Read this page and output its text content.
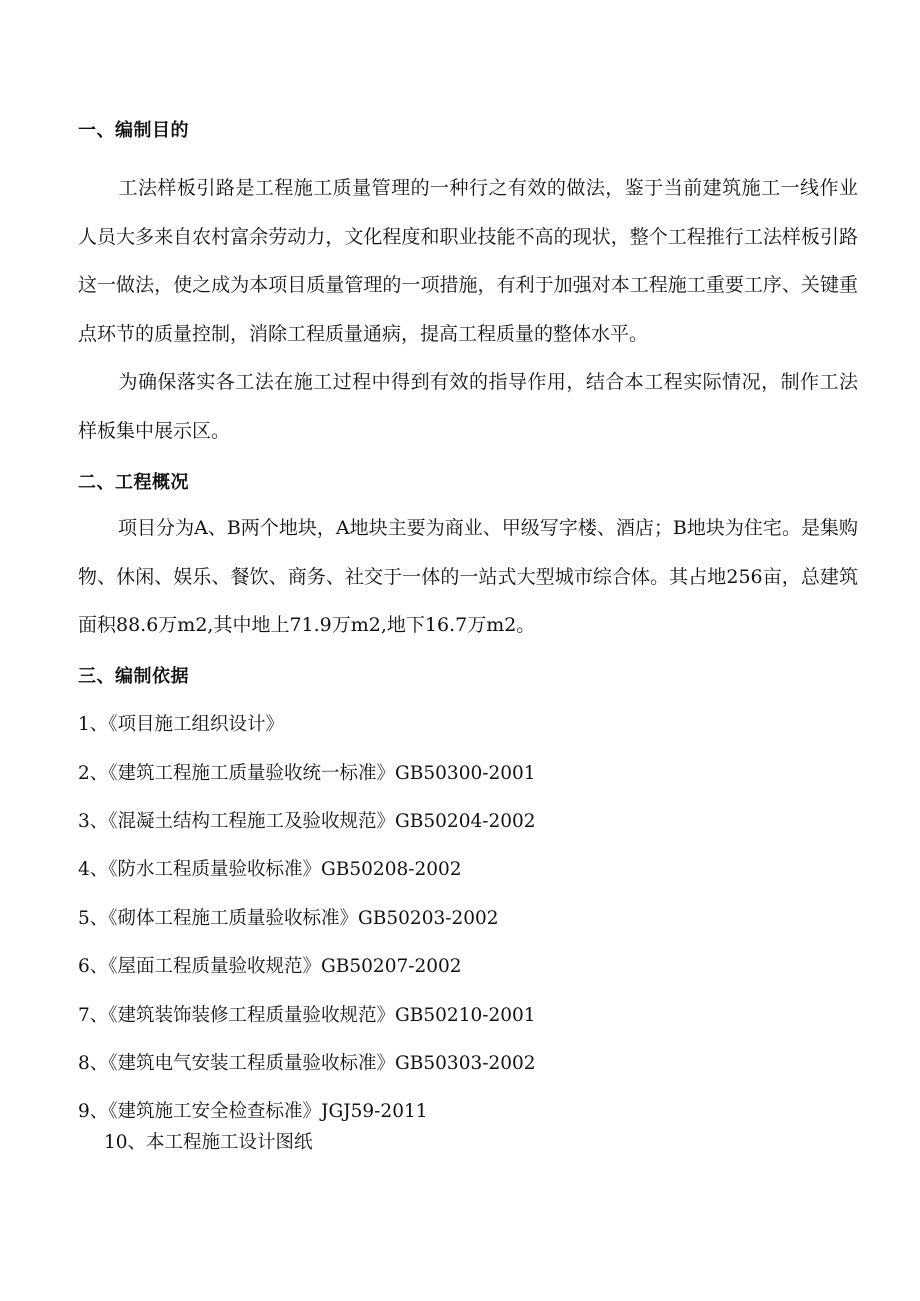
一、编制目的
工法样板引路是工程施工质量管理的一种行之有效的做法，鉴于当前建筑施工一线作业人员大多来自农村富余劳动力，文化程度和职业技能不高的现状，整个工程推行工法样板引路这一做法，使之成为本项目质量管理的一项措施，有利于加强对本工程施工重要工序、关键重点环节的质量控制，消除工程质量通病，提高工程质量的整体水平。
为确保落实各工法在施工过程中得到有效的指导作用，结合本工程实际情况，制作工法样板集中展示区。
二、工程概况
项目分为A、B两个地块，A地块主要为商业、甲级写字楼、酒店；B地块为住宅。是集购物、休闲、娱乐、餐饮、商务、社交于一体的一站式大型城市综合体。其占地256亩，总建筑面积88.6万m2,其中地上71.9万m2,地下16.7万m2。
三、编制依据
1、《项目施工组织设计》
2、《建筑工程施工质量验收统一标准》GB50300-2001
3、《混凝土结构工程施工及验收规范》GB50204-2002
4、《防水工程质量验收标准》GB50208-2002
5、《砌体工程施工质量验收标准》GB50203-2002
6、《屋面工程质量验收规范》GB50207-2002
7、《建筑装饰装修工程质量验收规范》GB50210-2001
8、《建筑电气安装工程质量验收标准》GB50303-2002
9、《建筑施工安全检查标准》JGJ59-2011
10、本工程施工设计图纸
